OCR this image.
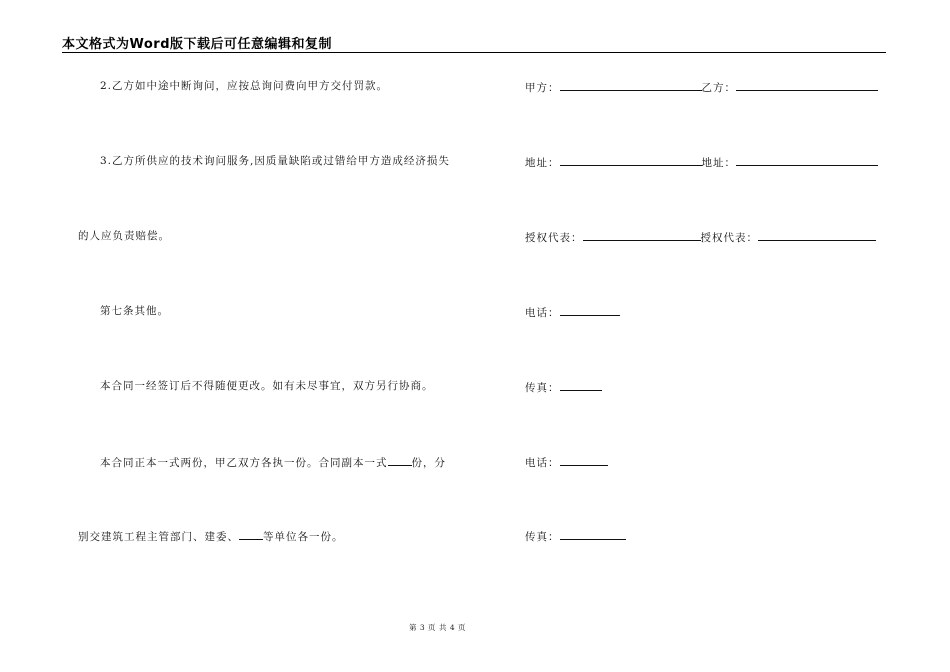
本文格式为Word版下载后可任意编辑和复制
2.乙方如中途中断询问，应按总询问费向甲方交付罚款。
3.乙方所供应的技术询问服务,因质量缺陷或过错给甲方造成经济损失
的人应负责赔偿。
第七条其他。
本合同一经签订后不得随便更改。如有未尽事宜，双方另行协商。
本合同正本一式两份，甲乙双方各执一份。合同副本一式 份，分
别交建筑工程主管部门、建委、 等单位各一份。
甲方：	乙方：
地址：	地址：
授权代表：	授权代表：
电话：
传真：
电话：
传真：
第 3 页 共 4 页
